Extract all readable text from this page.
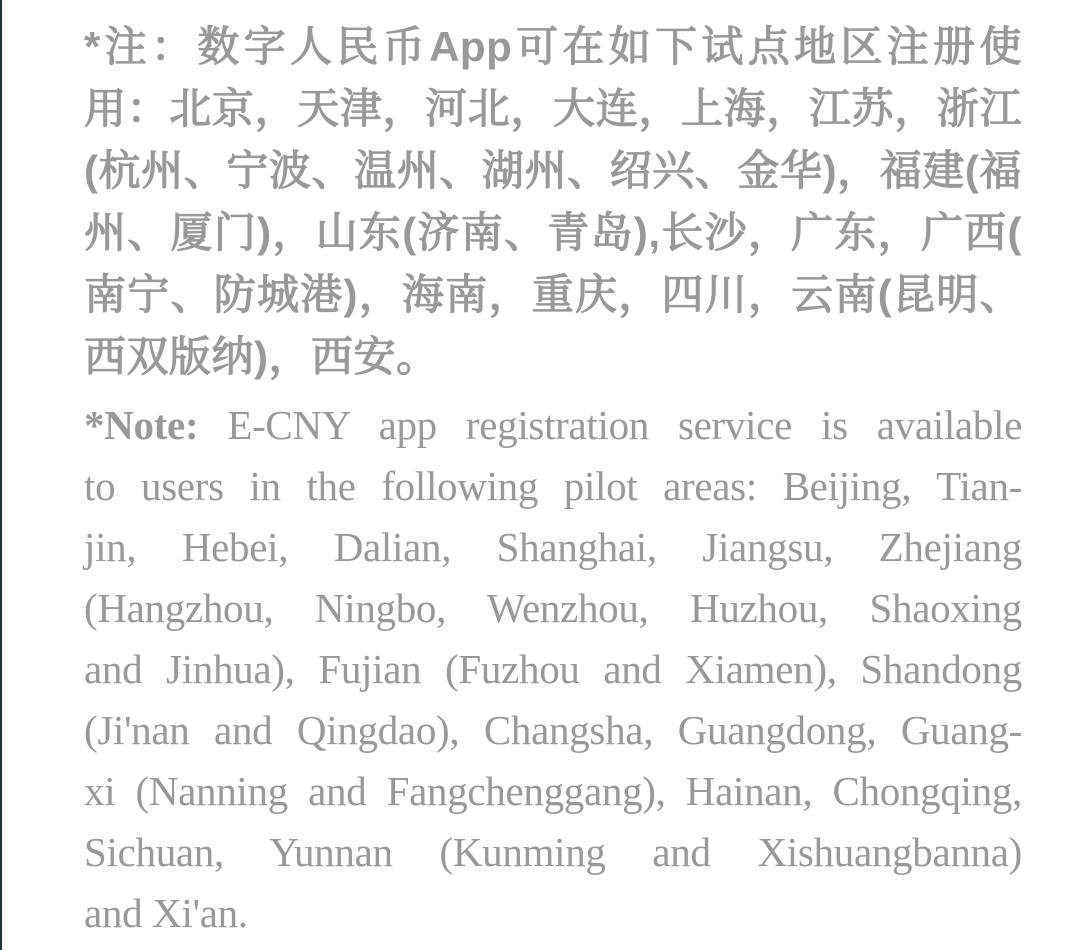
*注：数字人民币App可在如下试点地区注册使
用：北京，天津，河北，大连，上海，江苏，浙江
(杭州、宁波、温州、湖州、绍兴、金华)，福建(福
州、厦门)，山东(济南、青岛),长沙，广东，广西(
南宁、防城港)，海南，重庆，四川，云南(昆明、
西双版纳)，西安。
*Note: E-CNY app registration service is available
to users in the following pilot areas: Beijing, Tian-
jin, Hebei, Dalian, Shanghai, Jiangsu, Zhejiang
(Hangzhou, Ningbo, Wenzhou, Huzhou, Shaoxing
and Jinhua), Fujian (Fuzhou and Xiamen), Shandong
(Ji'nan and Qingdao), Changsha, Guangdong, Guang-
xi (Nanning and Fangchenggang), Hainan, Chongqing,
Sichuan, Yunnan (Kunming and Xishuangbanna)
and Xi'an.
